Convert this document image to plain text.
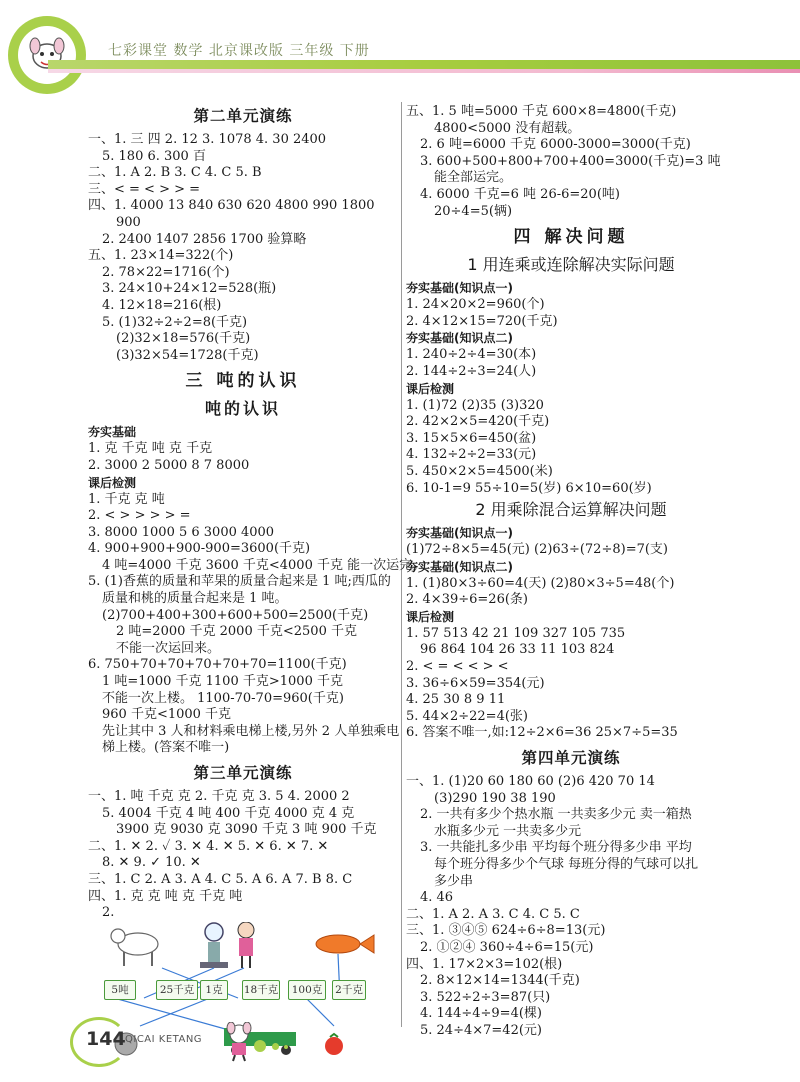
七彩课堂 数学 北京课改版 三年级 下册
第二单元演练
一、1. 三 四 2. 12 3. 1078 4. 30 2400
5. 180 6. 300 百
二、1. A 2. B 3. C 4. C 5. B
三、< = < > > =
四、1. 4000 13 840 630 620 4800 990 1800
900
2. 2400 1407 2856 1700 验算略
五、1. 23×14=322(个)
2. 78×22=1716(个)
3. 24×10+24×12=528(瓶)
4. 12×18=216(根)
5. (1)32÷2÷2=8(千克)
(2)32×18=576(千克)
(3)32×54=1728(千克)
三 吨的认识
吨的认识
夯实基础
1. 克 千克 吨 克 千克
2. 3000 2 5000 8 7 8000
课后检测
1. 千克 克 吨
2. < > > > > =
3. 8000 1000 5 6 3000 4000
4. 900+900+900-900=3600(千克)
4 吨=4000 千克 3600 千克<4000 千克 能一次运完。
5. (1)香蕉的质量和苹果的质量合起来是 1 吨;西瓜的
质量和桃的质量合起来是 1 吨。
(2)700+400+300+600+500=2500(千克)
2 吨=2000 千克 2000 千克<2500 千克
不能一次运回来。
6. 750+70+70+70+70+70=1100(千克)
1 吨=1000 千克 1100 千克>1000 千克
不能一次上楼。 1100-70-70=960(千克)
960 千克<1000 千克
先让其中 3 人和材料乘电梯上楼,另外 2 人单独乘电
梯上楼。(答案不唯一)
第三单元演练
一、1. 吨 千克 克 2. 千克 克 3. 5 4. 2000 2
5. 4004 千克 4 吨 400 千克 4000 克 4 克
3900 克 9030 克 3090 千克 3 吨 900 千克
二、1. ✕ 2. ✓ 3. ✕ 4. ✕ 5. ✕ 6. ✕ 7. ✕
8. ✕ 9. ✓ 10. ✕
三、1. C 2. A 3. A 4. C 5. A 6. A 7. B 8. C
四、1. 克 克 吨 克 千克 吨
2.
5吨	25千克	1克	18千克	100克	2千克
五、1. 5 吨=5000 千克 600×8=4800(千克)
4800<5000 没有超载。
2. 6 吨=6000 千克 6000-3000=3000(千克)
3. 600+500+800+700+400=3000(千克)=3 吨
能全部运完。
4. 6000 千克=6 吨 26-6=20(吨)
20÷4=5(辆)
四 解决问题
1 用连乘或连除解决实际问题
夯实基础(知识点一)
1. 24×20×2=960(个)
2. 4×12×15=720(千克)
夯实基础(知识点二)
1. 240÷2÷4=30(本)
2. 144÷2÷3=24(人)
课后检测
1. (1)72 (2)35 (3)320
2. 42×2×5=420(千克)
3. 15×5×6=450(盆)
4. 132÷2÷2=33(元)
5. 450×2×5=4500(米)
6. 10-1=9 55÷10=5(岁) 6×10=60(岁)
2 用乘除混合运算解决问题
夯实基础(知识点一)
(1)72÷8×5=45(元) (2)63÷(72÷8)=7(支)
夯实基础(知识点二)
1. (1)80×3÷60=4(天) (2)80×3÷5=48(个)
2. 4×39÷6=26(条)
课后检测
1. 57 513 42 21 109 327 105 735
96 864 104 26 33 11 103 824
2. < = < < > <
3. 36÷6×59=354(元)
4. 25 30 8 9 11
5. 44×2÷22=4(张)
6. 答案不唯一,如:12÷2×6=36 25×7÷5=35
第四单元演练
一、1. (1)20 60 180 60 (2)6 420 70 14
(3)290 190 38 190
2. 一共有多少个热水瓶 一共卖多少元 卖一箱热
水瓶多少元 一共卖多少元
3. 一共能扎多少串 平均每个班分得多少串 平均
每个班分得多少个气球 每班分得的气球可以扎
多少串
4. 46
二、1. A 2. A 3. C 4. C 5. C
三、1. ③④⑤ 624÷6÷8=13(元)
2. ①②④ 360÷4÷6=15(元)
四、1. 17×2×3=102(根)
2. 8×12×14=1344(千克)
3. 522÷2÷3=87(只)
4. 144÷4÷9=4(棵)
5. 24÷4×7=42(元)
144 QICAI KETANG
